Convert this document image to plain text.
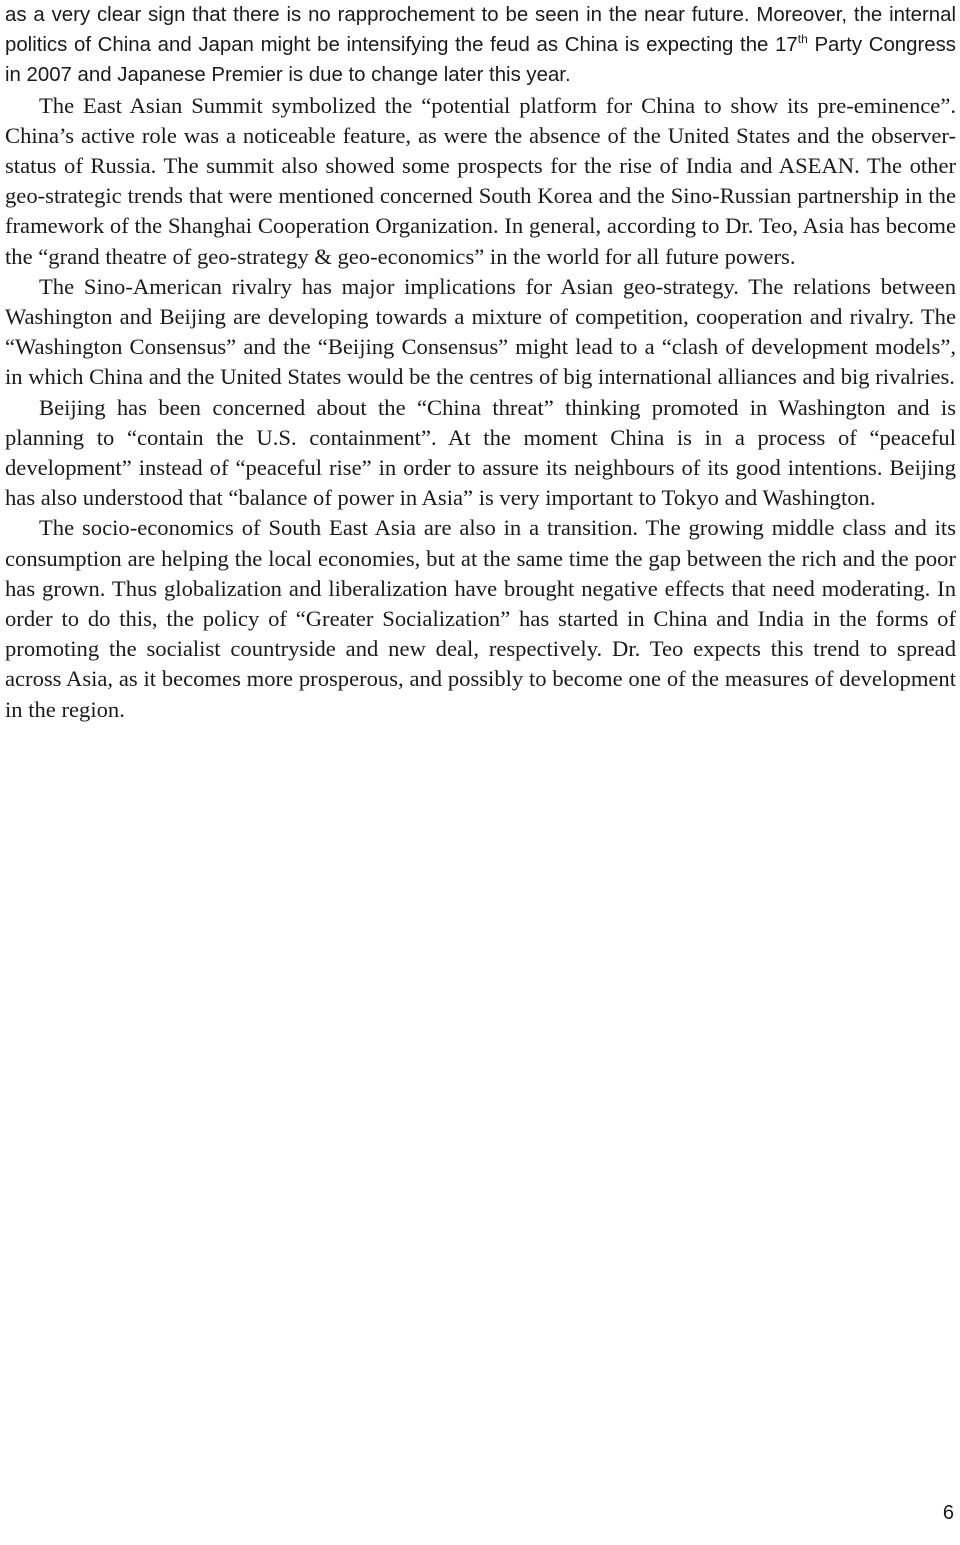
as a very clear sign that there is no rapprochement to be seen in the near future. Moreover, the internal politics of China and Japan might be intensifying the feud as China is expecting the 17th Party Congress in 2007 and Japanese Premier is due to change later this year.

The East Asian Summit symbolized the “potential platform for China to show its pre-eminence”. China’s active role was a noticeable feature, as were the absence of the United States and the observer-status of Russia. The summit also showed some prospects for the rise of India and ASEAN. The other geo-strategic trends that were mentioned concerned South Korea and the Sino-Russian partnership in the framework of the Shanghai Cooperation Organization. In general, according to Dr. Teo, Asia has become the “grand theatre of geo-strategy & geo-economics” in the world for all future powers.

The Sino-American rivalry has major implications for Asian geo-strategy. The relations between Washington and Beijing are developing towards a mixture of competition, cooperation and rivalry. The “Washington Consensus” and the “Beijing Consensus” might lead to a “clash of development models”, in which China and the United States would be the centres of big international alliances and big rivalries.

Beijing has been concerned about the “China threat” thinking promoted in Washington and is planning to “contain the U.S. containment”. At the moment China is in a process of “peaceful development” instead of “peaceful rise” in order to assure its neighbours of its good intentions. Beijing has also understood that “balance of power in Asia” is very important to Tokyo and Washington.

The socio-economics of South East Asia are also in a transition. The growing middle class and its consumption are helping the local economies, but at the same time the gap between the rich and the poor has grown. Thus globalization and liberalization have brought negative effects that need moderating. In order to do this, the policy of “Greater Socialization” has started in China and India in the forms of promoting the socialist countryside and new deal, respectively. Dr. Teo expects this trend to spread across Asia, as it becomes more prosperous, and possibly to become one of the measures of development in the region.

6
